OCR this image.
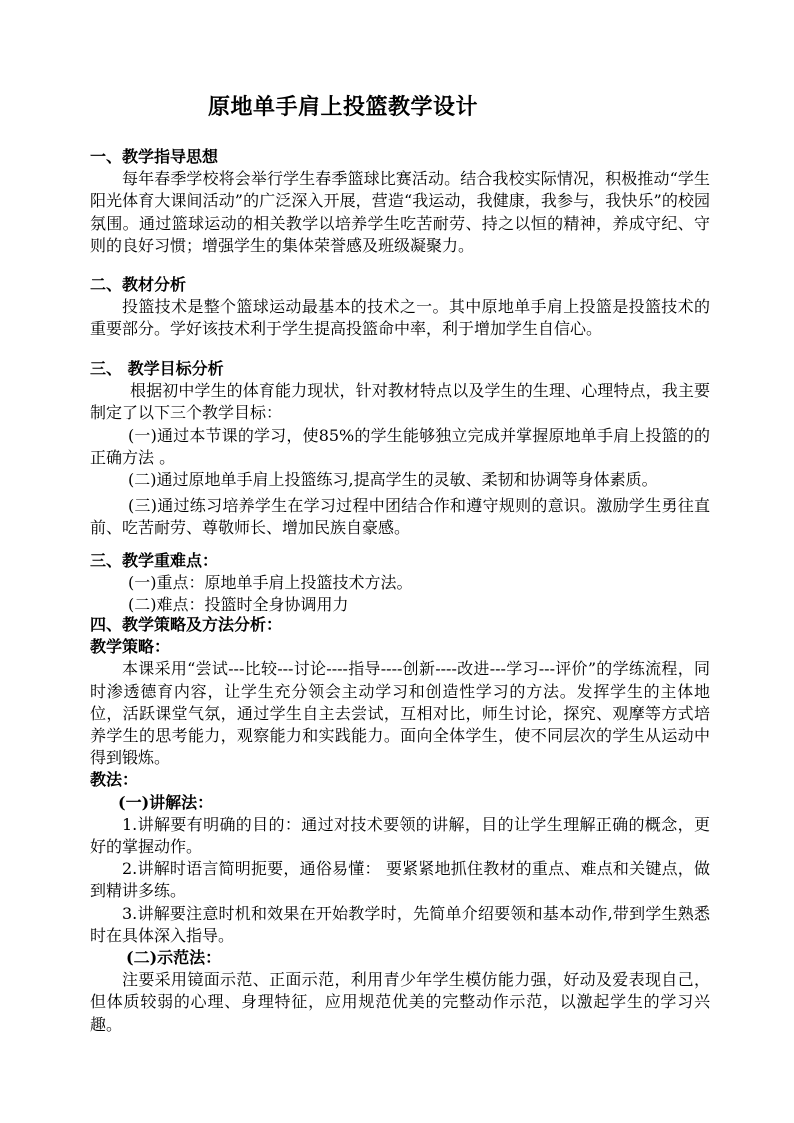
原地单手肩上投篮教学设计
一、教学指导思想
每年春季学校将会举行学生春季篮球比赛活动。结合我校实际情况，积极推动“学生阳光体育大课间活动”的广泛深入开展，营造“我运动，我健康，我参与，我快乐”的校园氛围。通过篮球运动的相关教学以培养学生吃苦耐劳、持之以恒的精神，养成守纪、守则的良好习惯；增强学生的集体荣誉感及班级凝聚力。
二、教材分析
投篮技术是整个篮球运动最基本的技术之一。其中原地单手肩上投篮是投篮技术的重要部分。学好该技术利于学生提高投篮命中率，利于增加学生自信心。
三、 教学目标分析
根据初中学生的体育能力现状，针对教材特点以及学生的生理、心理特点，我主要制定了以下三个教学目标：
(一)通过本节课的学习，使85%的学生能够独立完成并掌握原地单手肩上投篮的的正确方法 。
(二)通过原地单手肩上投篮练习,提高学生的灵敏、柔韧和协调等身体素质。
(三)通过练习培养学生在学习过程中团结合作和遵守规则的意识。激励学生勇往直前、吃苦耐劳、尊敬师长、增加民族自豪感。
三、教学重难点：
(一)重点：原地单手肩上投篮技术方法。
(二)难点：投篮时全身协调用力
四、教学策略及方法分析：
教学策略：
本课采用“尝试---比较---讨论----指导----创新----改进---学习---评价”的学练流程，同时渗透德育内容，让学生充分领会主动学习和创造性学习的方法。发挥学生的主体地位，活跃课堂气氛，通过学生自主去尝试，互相对比，师生讨论，探究、观摩等方式培养学生的思考能力，观察能力和实践能力。面向全体学生，使不同层次的学生从运动中得到锻炼。
教法：
(一)讲解法：
1.讲解要有明确的目的：通过对技术要领的讲解，目的让学生理解正确的概念，更好的掌握动作。
2.讲解时语言简明扼要，通俗易懂： 要紧紧地抓住教材的重点、难点和关键点，做到精讲多练。
3.讲解要注意时机和效果在开始教学时，先简单介绍要领和基本动作,带到学生熟悉时在具体深入指导。
(二)示范法：
注要采用镜面示范、正面示范，利用青少年学生模仿能力强，好动及爱表现自己，但体质较弱的心理、身理特征，应用规范优美的完整动作示范，以激起学生的学习兴趣。
